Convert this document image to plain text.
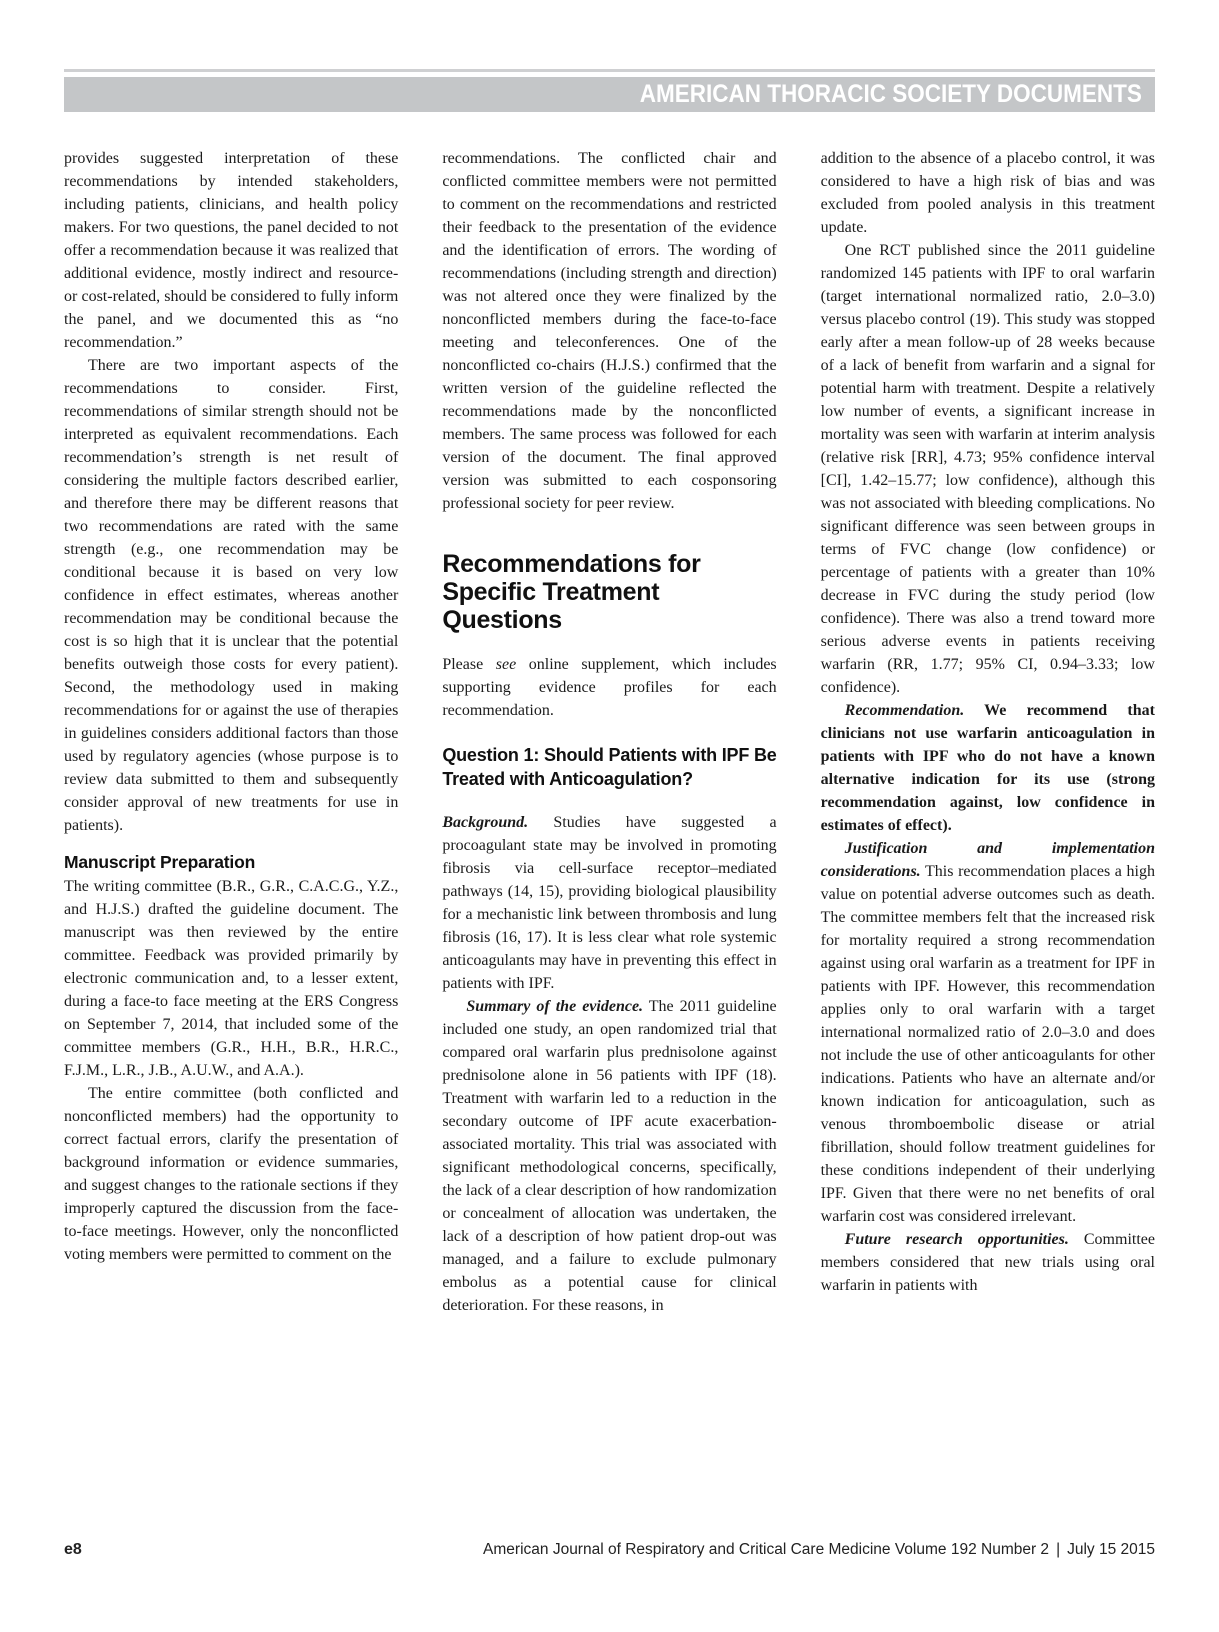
AMERICAN THORACIC SOCIETY DOCUMENTS

provides suggested interpretation of these recommendations by intended stakeholders, including patients, clinicians, and health policy makers. For two questions, the panel decided to not offer a recommendation because it was realized that additional evidence, mostly indirect and resource- or cost-related, should be considered to fully inform the panel, and we documented this as “no recommendation.”

There are two important aspects of the recommendations to consider. First, recommendations of similar strength should not be interpreted as equivalent recommendations. Each recommendation’s strength is net result of considering the multiple factors described earlier, and therefore there may be different reasons that two recommendations are rated with the same strength (e.g., one recommendation may be conditional because it is based on very low confidence in effect estimates, whereas another recommendation may be conditional because the cost is so high that it is unclear that the potential benefits outweigh those costs for every patient). Second, the methodology used in making recommendations for or against the use of therapies in guidelines considers additional factors than those used by regulatory agencies (whose purpose is to review data submitted to them and subsequently consider approval of new treatments for use in patients).

Manuscript Preparation

The writing committee (B.R., G.R., C.A.C.G., Y.Z., and H.J.S.) drafted the guideline document. The manuscript was then reviewed by the entire committee. Feedback was provided primarily by electronic communication and, to a lesser extent, during a face-to face meeting at the ERS Congress on September 7, 2014, that included some of the committee members (G.R., H.H., B.R., H.R.C., F.J.M., L.R., J.B., A.U.W., and A.A.).

The entire committee (both conflicted and nonconflicted members) had the opportunity to correct factual errors, clarify the presentation of background information or evidence summaries, and suggest changes to the rationale sections if they improperly captured the discussion from the face-to-face meetings. However, only the nonconflicted voting members were permitted to comment on the

recommendations. The conflicted chair and conflicted committee members were not permitted to comment on the recommendations and restricted their feedback to the presentation of the evidence and the identification of errors. The wording of recommendations (including strength and direction) was not altered once they were finalized by the nonconflicted members during the face-to-face meeting and teleconferences. One of the nonconflicted co-chairs (H.J.S.) confirmed that the written version of the guideline reflected the recommendations made by the nonconflicted members. The same process was followed for each version of the document. The final approved version was submitted to each cosponsoring professional society for peer review.

Recommendations for Specific Treatment Questions

Please see online supplement, which includes supporting evidence profiles for each recommendation.

Question 1: Should Patients with IPF Be Treated with Anticoagulation?

Background. Studies have suggested a procoagulant state may be involved in promoting fibrosis via cell-surface receptor–mediated pathways (14, 15), providing biological plausibility for a mechanistic link between thrombosis and lung fibrosis (16, 17). It is less clear what role systemic anticoagulants may have in preventing this effect in patients with IPF.

Summary of the evidence. The 2011 guideline included one study, an open randomized trial that compared oral warfarin plus prednisolone against prednisolone alone in 56 patients with IPF (18). Treatment with warfarin led to a reduction in the secondary outcome of IPF acute exacerbation-associated mortality. This trial was associated with significant methodological concerns, specifically, the lack of a clear description of how randomization or concealment of allocation was undertaken, the lack of a description of how patient drop-out was managed, and a failure to exclude pulmonary embolus as a potential cause for clinical deterioration. For these reasons, in

addition to the absence of a placebo control, it was considered to have a high risk of bias and was excluded from pooled analysis in this treatment update.

One RCT published since the 2011 guideline randomized 145 patients with IPF to oral warfarin (target international normalized ratio, 2.0–3.0) versus placebo control (19). This study was stopped early after a mean follow-up of 28 weeks because of a lack of benefit from warfarin and a signal for potential harm with treatment. Despite a relatively low number of events, a significant increase in mortality was seen with warfarin at interim analysis (relative risk [RR], 4.73; 95% confidence interval [CI], 1.42–15.77; low confidence), although this was not associated with bleeding complications. No significant difference was seen between groups in terms of FVC change (low confidence) or percentage of patients with a greater than 10% decrease in FVC during the study period (low confidence). There was also a trend toward more serious adverse events in patients receiving warfarin (RR, 1.77; 95% CI, 0.94–3.33; low confidence).

Recommendation. We recommend that clinicians not use warfarin anticoagulation in patients with IPF who do not have a known alternative indication for its use (strong recommendation against, low confidence in estimates of effect).

Justification and implementation considerations. This recommendation places a high value on potential adverse outcomes such as death. The committee members felt that the increased risk for mortality required a strong recommendation against using oral warfarin as a treatment for IPF in patients with IPF. However, this recommendation applies only to oral warfarin with a target international normalized ratio of 2.0–3.0 and does not include the use of other anticoagulants for other indications. Patients who have an alternate and/or known indication for anticoagulation, such as venous thromboembolic disease or atrial fibrillation, should follow treatment guidelines for these conditions independent of their underlying IPF. Given that there were no net benefits of oral warfarin cost was considered irrelevant.

Future research opportunities. Committee members considered that new trials using oral warfarin in patients with

e8	American Journal of Respiratory and Critical Care Medicine Volume 192 Number 2 | July 15 2015
